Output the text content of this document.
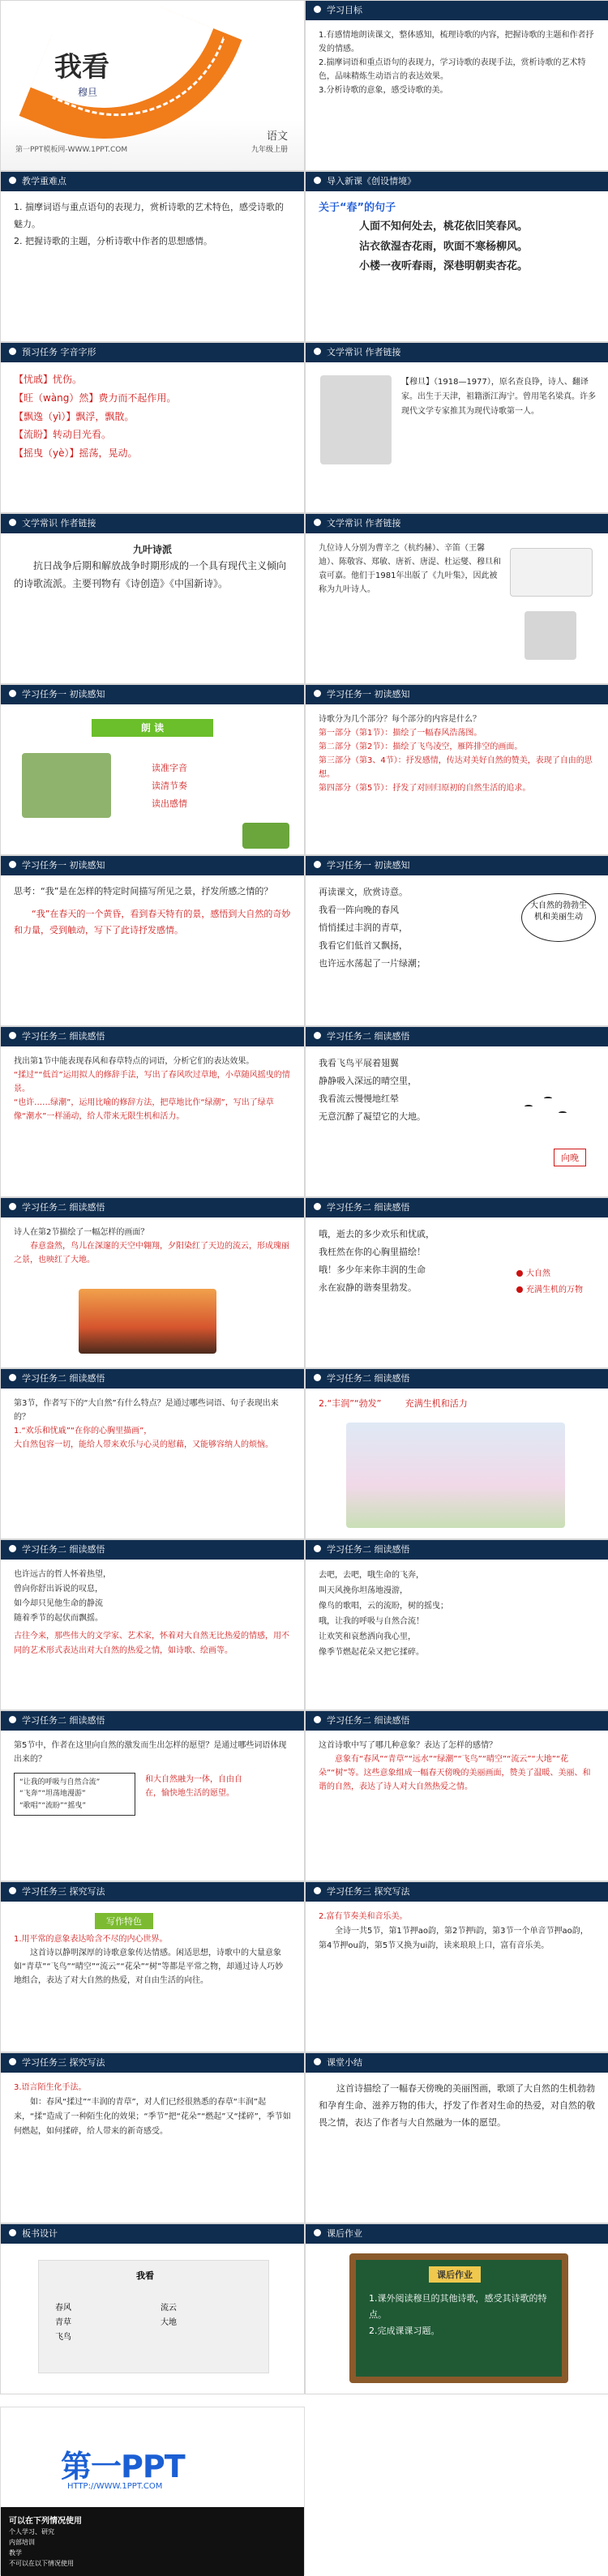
我看
穆旦
语文
九年级上册
第一PPT模板网-WWW.1PPT.COM
学习目标
1.有感情地朗读课文，整体感知，梳理诗歌的内容，把握诗歌的主题和作者抒发的情感。
2.揣摩词语和重点语句的表现力，学习诗歌的表现手法，赏析诗歌的艺术特色，品味精炼生动语言的表达效果。
3.分析诗歌的意象，感受诗歌的美。
教学重难点
1. 揣摩词语与重点语句的表现力，赏析诗歌的艺术特色，感受诗歌的魅力。
2. 把握诗歌的主题，分析诗歌中作者的思想感情。
导入新课《创设情境》
关于“春”的句子
人面不知何处去，桃花依旧笑春风。
沾衣欲湿杏花雨，吹面不寒杨柳风。
小楼一夜听春雨，深巷明朝卖杏花。
预习任务 字音字形
【忧戚】忧伤。
【旺（wàng）然】费力而不起作用。
【飘逸（yì）】飘浮，飘散。
【流盼】转动目光看。
【摇曳（yè）】摇荡，晃动。
文学常识 作者链接
【穆旦】（1918—1977），原名查良铮，诗人、翻译家。出生于天津，祖籍浙江海宁。曾用笔名梁真。许多现代文学专家推其为现代诗歌第一人。
文学常识 作者链接
九叶诗派
抗日战争后期和解放战争时期形成的一个具有现代主义倾向的诗歌流派。主要刊物有《诗创造》《中国新诗》。
文学常识 作者链接
九位诗人分别为曹辛之（杭约赫）、辛笛（王馨迪）、陈敬容、郑敏、唐祈、唐湜、杜运燮、穆旦和袁可嘉。他们于1981年出版了《九叶集》，因此被称为九叶诗人。
学习任务一 初读感知
朗 读
读准字音
读清节奏
读出感情
学习任务一 初读感知
诗歌分为几个部分？每个部分的内容是什么？
第一部分（第1节）：描绘了一幅春风浩荡图。
第二部分（第2节）：描绘了飞鸟凌空，雁阵排空的画面。
第三部分（第3、4节）：抒发感情，传达对美好自然的赞美，表现了自由的思想。
第四部分（第5节）：抒发了对回归原初的自然生活的追求。
学习任务一 初读感知
思考：“我”是在怎样的特定时间描写所见之景，抒发所感之情的？
“我”在春天的一个黄昏，看到春天特有的景，感悟到大自然的奇妙和力量，受到触动，写下了此诗抒发感情。
学习任务一 初读感知
再读课文，欣赏诗意。
我看一阵向晚的春风
悄悄揉过丰润的青草，
我看它们低首又飘扬，
也许远水荡起了一片绿潮；
大自然的勃勃生机和美丽生动
学习任务二 细读感悟
找出第1节中能表现春风和春草特点的词语，分析它们的表达效果。
“揉过”“低首”运用拟人的修辞手法，写出了春风吹过草地，小草随风摇曳的情景。
“也许……绿潮”，运用比喻的修辞方法，把草地比作“绿潮”，写出了绿草像“潮水”一样涌动，给人带来无限生机和活力。
学习任务二 细读感悟
我看飞鸟平展着翅翼
静静吸入深远的晴空里，
我看流云慢慢地红晕
无意沉醉了凝望它的大地。
向晚
学习任务二 细读感悟
诗人在第2节描绘了一幅怎样的画面？
春意盎然，鸟儿在深邃的天空中翱翔，夕阳染红了天边的流云，形成瑰丽之景，也映红了大地。
学习任务二 细读感悟
哦，逝去的多少欢乐和忧戚，
我枉然在你的心胸里描绘！
哦！多少年来你丰润的生命
永在寂静的谐奏里勃发。
大自然
充满生机的万物
学习任务二 细读感悟
第3节，作者写下的“大自然”有什么特点？是通过哪些词语、句子表现出来的？
1.“欢乐和忧戚”“在你的心胸里描画”，
大自然包容一切，能给人带来欢乐与心灵的慰藉，又能够容纳人的烦恼。
学习任务二 细读感悟
2.“丰润”“勃发”	充满生机和活力
学习任务二 细读感悟
也许远古的哲人怀着热望，
曾向你舒出诉说的叹息，
如今却只见他生命的静流
随着季节的起伏而飘摇。
古往今来，那些伟大的文学家、艺术家，怀着对大自然无比热爱的情感，用不同的艺术形式表达出对大自然的热爱之情，如诗歌、绘画等。
学习任务二 细读感悟
去吧，去吧，哦生命的飞奔，
叫天风挽你坦荡地漫游，
像鸟的歌唱，云的流盼，树的摇曳；
哦，让我的呼吸与自然合流！
让欢笑和哀愁洒向我心里，
像季节燃起花朵又把它揉碎。
学习任务二 细读感悟
第5节中，作者在这里向自然的激发而生出怎样的愿望？是通过哪些词语体现出来的？
“让我的呼吸与自然合流”
“飞奔”“坦荡地漫游”
“歌唱”“流盼”“摇曳”
和大自然融为一体，自由自在，愉快地生活的愿望。
学习任务二 细读感悟
这首诗歌中写了哪几种意象？表达了怎样的感情？
意象有“春风”“青草”“远水”“绿潮”“飞鸟”“晴空”“流云”“大地”“花朵”“树”等。这些意象组成一幅春天傍晚的美丽画面，赞美了温暖、美丽、和谐的自然，表达了诗人对大自然热爱之情。
学习任务三 探究写法
写作特色
1.用平常的意象表达哈含不尽的内心世界。
这首诗以静明深厚的诗歌意象传达情感。闲适思想，诗歌中的大量意象如“青草”“飞鸟”“晴空”“流云”“花朵”“树”等都是平常之物，却通过诗人巧妙地组合，表达了对大自然的热爱，对自由生活的向往。
学习任务三 探究写法
2.富有节奏美和音乐美。
全诗一共5节，第1节押ao韵，第2节押i韵，第3节一个单音节押ao韵，第4节押ou韵，第5节又换为ui韵，读来琅琅上口，富有音乐美。
学习任务三 探究写法
3.语言陌生化手法。
如：春风“揉过”“丰润的青草”，对人们已经很熟悉的春草“丰润”起来，“揉”造成了一种陌生化的效果；“季节”把“花朵”“燃起”又“揉碎”，季节如何燃起，如何揉碎，给人带来的新奇感受。
课堂小结
这首诗描绘了一幅春天傍晚的美丽图画，歌颂了大自然的生机勃勃和孕育生命、滋养万物的伟大，抒发了作者对生命的热爱，对自然的敬畏之情，表达了作者与大自然融为一体的愿望。
板书设计
我看
春风
青草
飞鸟
流云
大地
课后作业
课后作业
1.课外阅读穆旦的其他诗歌，感受其诗歌的特点。
2.完成课课习题。
第一PPT
HTTP://WWW.1PPT.COM
可以在下列情况使用
个人学习、研究
内部培训
教学
不可以在以下情况使用
